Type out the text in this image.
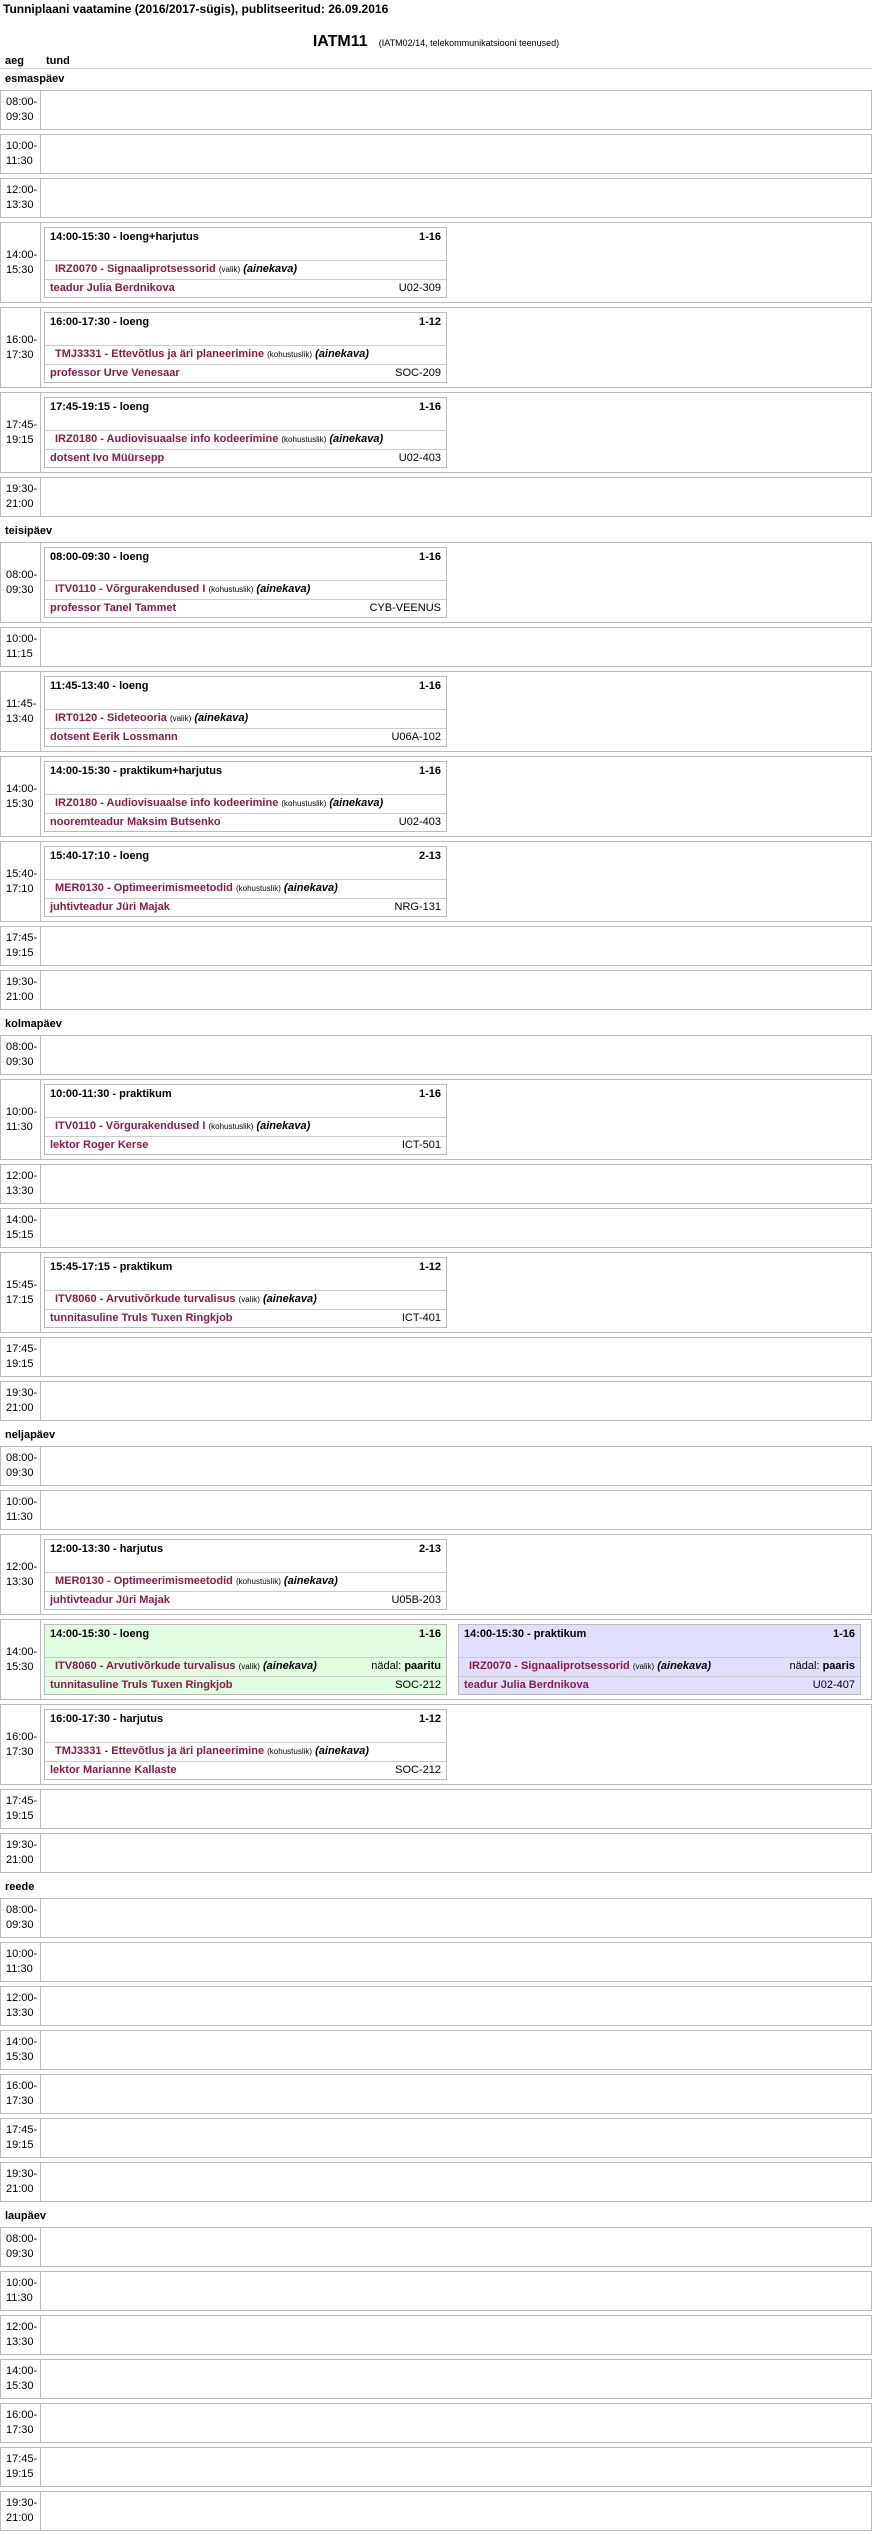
Tunniplaani vaatamine (2016/2017-sügis), publitseeritud: 26.09.2016
IATM11 (IATM02/14, telekommunikatsiooni teenused)
aeg tund
esmaspäev
08:00-
09:30
10:00-
11:30
12:00-
13:30
14:00-
15:30
14:00-15:30 - loeng+harjutus	1-16
IRZ0070 - Signaaliprotsessorid (valik) (ainekava)
teadur Julia Berdnikova	U02-309
16:00-
17:30
16:00-17:30 - loeng	1-12
TMJ3331 - Ettevõtlus ja äri planeerimine (kohustuslik) (ainekava)
professor Urve Venesaar	SOC-209
17:45-
19:15
17:45-19:15 - loeng	1-16
IRZ0180 - Audiovisuaalse info kodeerimine (kohustuslik) (ainekava)
dotsent Ivo Müürsepp	U02-403
19:30-
21:00
teisipäev
08:00-
09:30
08:00-09:30 - loeng	1-16
ITV0110 - Võrgurakendused I (kohustuslik) (ainekava)
professor Tanel Tammet	CYB-VEENUS
10:00-
11:15
11:45-
13:40
11:45-13:40 - loeng	1-16
IRT0120 - Sideteooria (valik) (ainekava)
dotsent Eerik Lossmann	U06A-102
14:00-
15:30
14:00-15:30 - praktikum+harjutus	1-16
IRZ0180 - Audiovisuaalse info kodeerimine (kohustuslik) (ainekava)
nooremteadur Maksim Butsenko	U02-403
15:40-
17:10
15:40-17:10 - loeng	2-13
MER0130 - Optimeerimismeetodid (kohustuslik) (ainekava)
juhtivteadur Jüri Majak	NRG-131
17:45-
19:15
19:30-
21:00
kolmapäev
08:00-
09:30
10:00-
11:30
10:00-11:30 - praktikum	1-16
ITV0110 - Võrgurakendused I (kohustuslik) (ainekava)
lektor Roger Kerse	ICT-501
12:00-
13:30
14:00-
15:15
15:45-
17:15
15:45-17:15 - praktikum	1-12
ITV8060 - Arvutivõrkude turvalisus (valik) (ainekava)
tunnitasuline Truls Tuxen Ringkjob	ICT-401
17:45-
19:15
19:30-
21:00
neljapäev
08:00-
09:30
10:00-
11:30
12:00-
13:30
12:00-13:30 - harjutus	2-13
MER0130 - Optimeerimismeetodid (kohustuslik) (ainekava)
juhtivteadur Jüri Majak	U05B-203
14:00-
15:30
14:00-15:30 - loeng	1-16
ITV8060 - Arvutivõrkude turvalisus (valik) (ainekava)	nädal: paaritu
tunnitasuline Truls Tuxen Ringkjob	SOC-212
14:00-15:30 - praktikum	1-16
IRZ0070 - Signaaliprotsessorid (valik) (ainekava)	nädal: paaris
teadur Julia Berdnikova	U02-407
16:00-
17:30
16:00-17:30 - harjutus	1-12
TMJ3331 - Ettevõtlus ja äri planeerimine (kohustuslik) (ainekava)
lektor Marianne Kallaste	SOC-212
17:45-
19:15
19:30-
21:00
reede
08:00-
09:30
10:00-
11:30
12:00-
13:30
14:00-
15:30
16:00-
17:30
17:45-
19:15
19:30-
21:00
laupäev
08:00-
09:30
10:00-
11:30
12:00-
13:30
14:00-
15:30
16:00-
17:30
17:45-
19:15
19:30-
21:00
